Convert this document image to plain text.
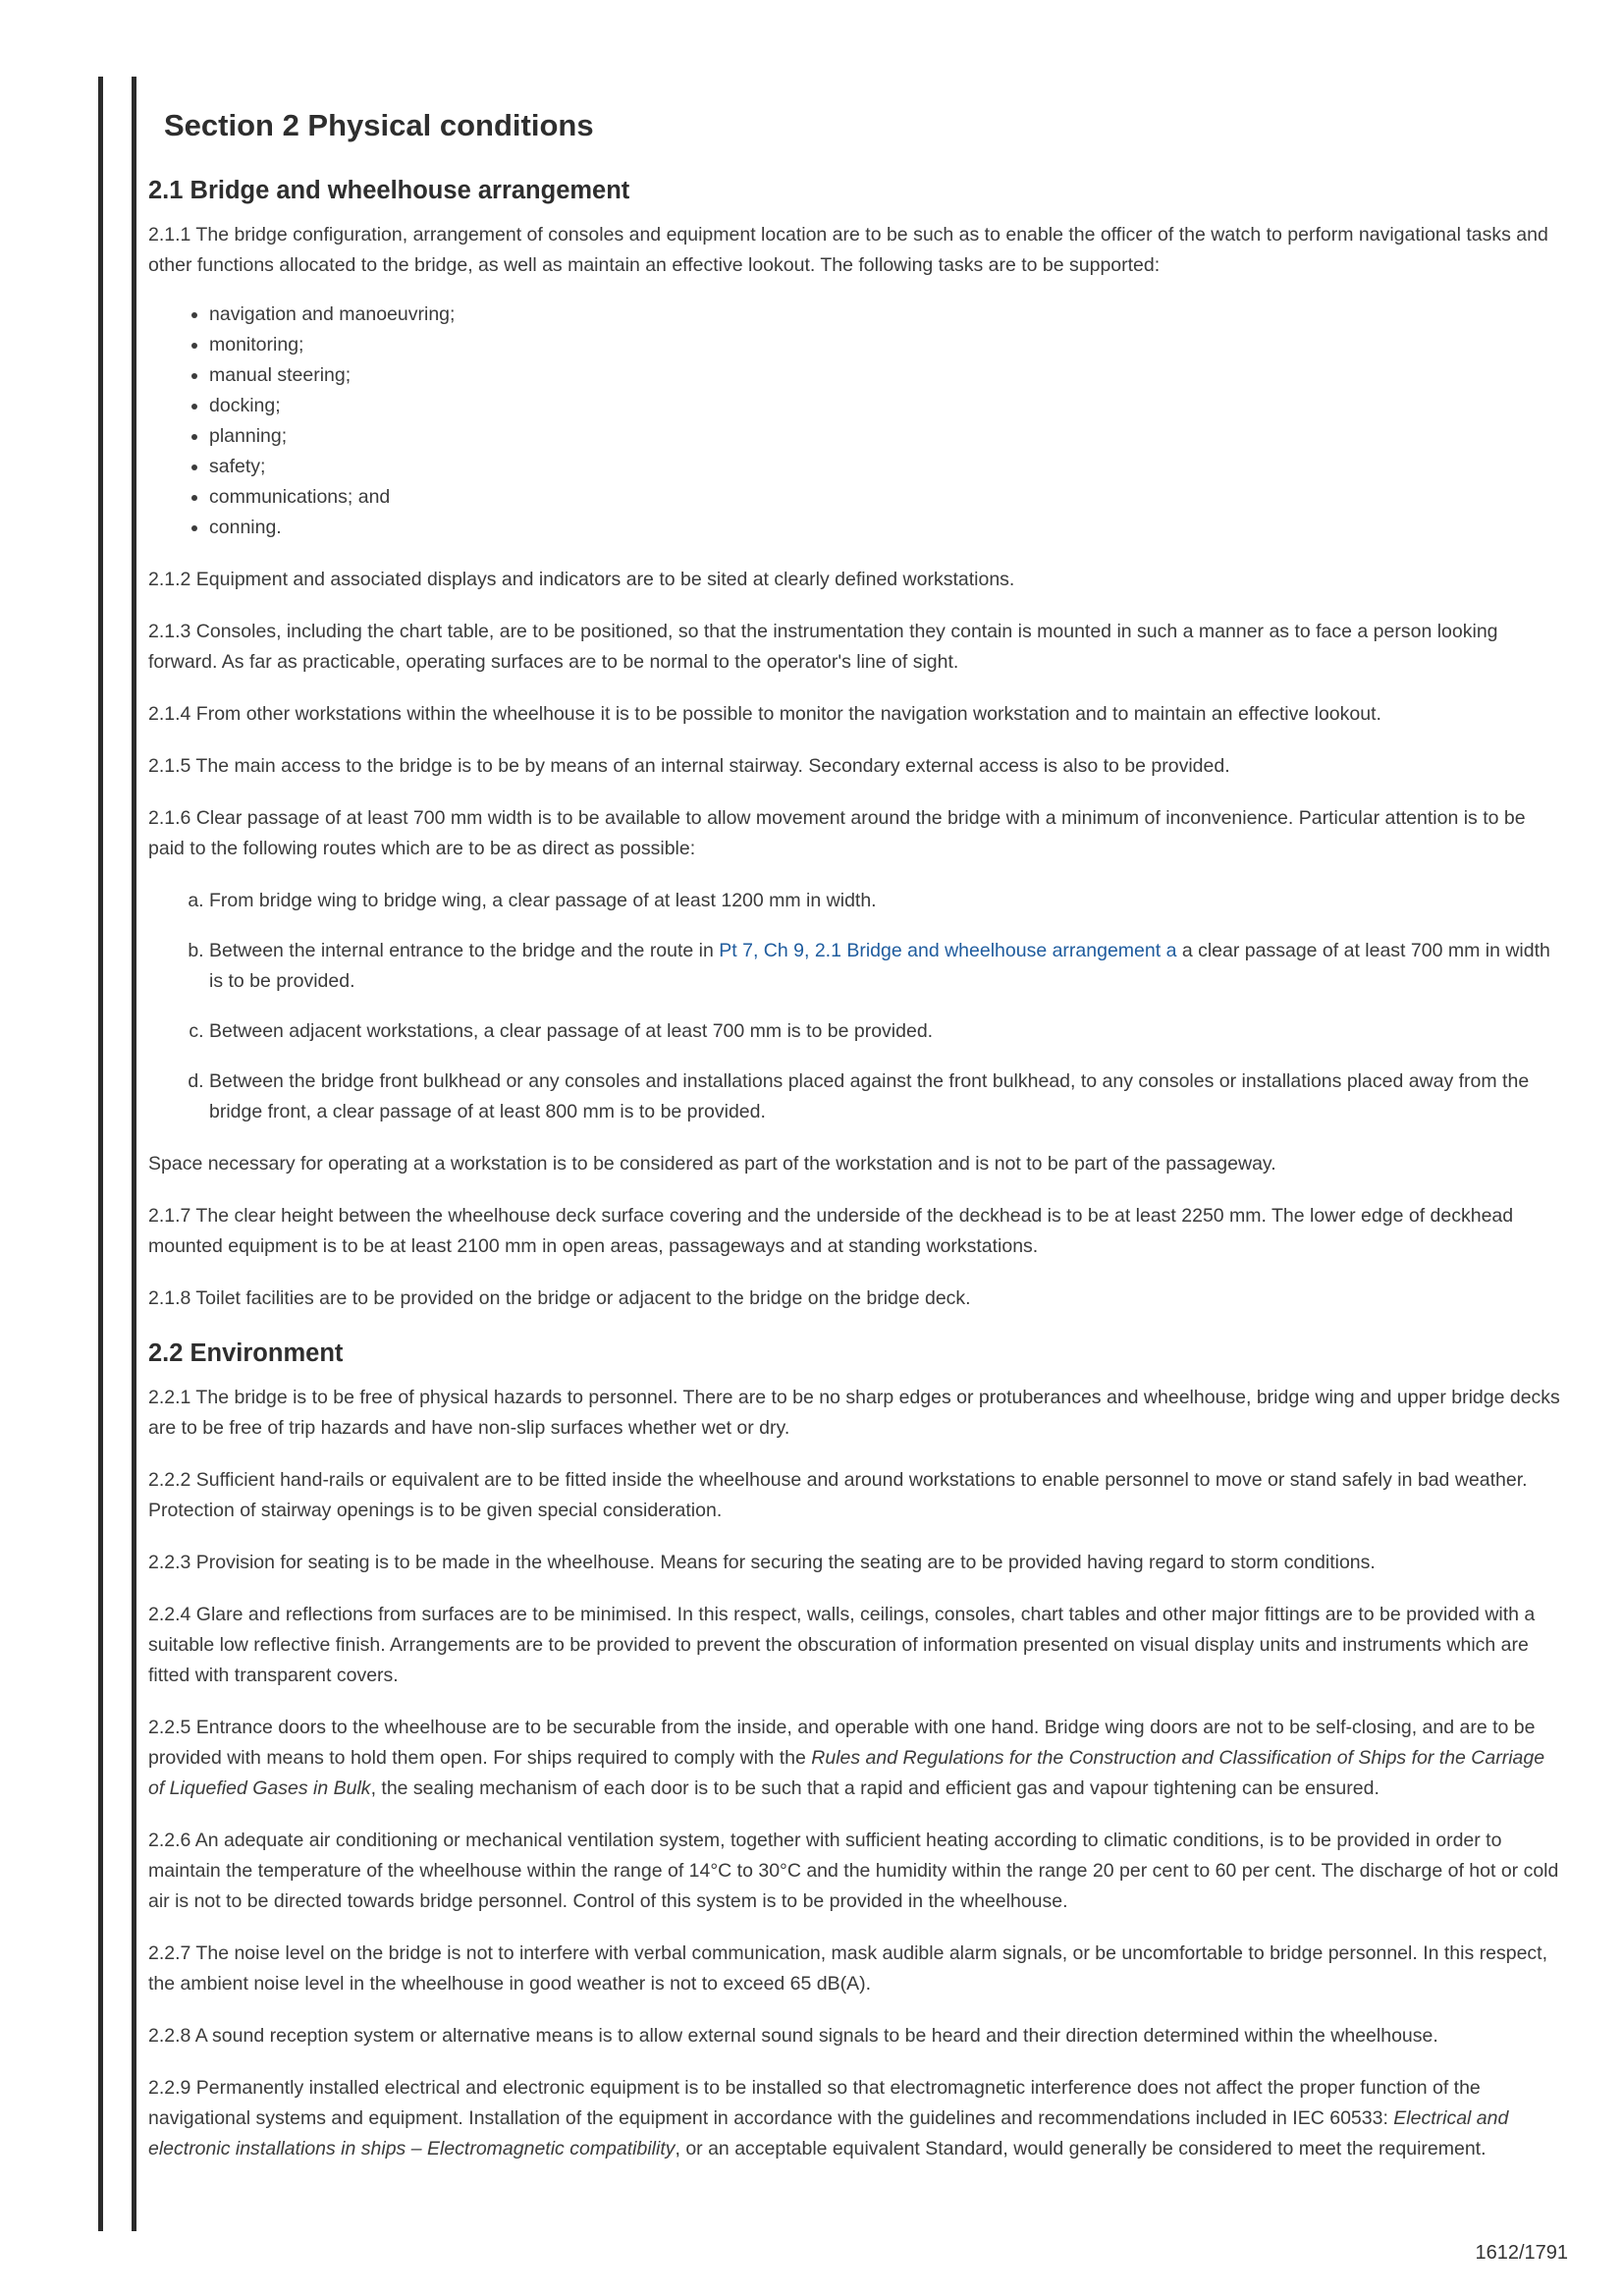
Section 2 Physical conditions
2.1 Bridge and wheelhouse arrangement

2.1.1 The bridge configuration, arrangement of consoles and equipment location are to be such as to enable the officer of the watch to perform navigational tasks and other functions allocated to the bridge, as well as maintain an effective lookout. The following tasks are to be supported:

• navigation and manoeuvring;
• monitoring;
• manual steering;
• docking;
• planning;
• safety;
• communications; and
• conning.

2.1.2 Equipment and associated displays and indicators are to be sited at clearly defined workstations.

2.1.3 Consoles, including the chart table, are to be positioned, so that the instrumentation they contain is mounted in such a manner as to face a person looking forward. As far as practicable, operating surfaces are to be normal to the operator's line of sight.

2.1.4 From other workstations within the wheelhouse it is to be possible to monitor the navigation workstation and to maintain an effective lookout.

2.1.5 The main access to the bridge is to be by means of an internal stairway. Secondary external access is also to be provided.

2.1.6 Clear passage of at least 700 mm width is to be available to allow movement around the bridge with a minimum of inconvenience. Particular attention is to be paid to the following routes which are to be as direct as possible:

a. From bridge wing to bridge wing, a clear passage of at least 1200 mm in width.
b. Between the internal entrance to the bridge and the route in Pt 7, Ch 9, 2.1 Bridge and wheelhouse arrangement a a clear passage of at least 700 mm in width is to be provided.
c. Between adjacent workstations, a clear passage of at least 700 mm is to be provided.
d. Between the bridge front bulkhead or any consoles and installations placed against the front bulkhead, to any consoles or installations placed away from the bridge front, a clear passage of at least 800 mm is to be provided.

Space necessary for operating at a workstation is to be considered as part of the workstation and is not to be part of the passageway.

2.1.7 The clear height between the wheelhouse deck surface covering and the underside of the deckhead is to be at least 2250 mm. The lower edge of deckhead mounted equipment is to be at least 2100 mm in open areas, passageways and at standing workstations.

2.1.8 Toilet facilities are to be provided on the bridge or adjacent to the bridge on the bridge deck.

2.2 Environment

2.2.1 The bridge is to be free of physical hazards to personnel. There are to be no sharp edges or protuberances and wheelhouse, bridge wing and upper bridge decks are to be free of trip hazards and have non-slip surfaces whether wet or dry.

2.2.2 Sufficient hand-rails or equivalent are to be fitted inside the wheelhouse and around workstations to enable personnel to move or stand safely in bad weather. Protection of stairway openings is to be given special consideration.

2.2.3 Provision for seating is to be made in the wheelhouse. Means for securing the seating are to be provided having regard to storm conditions.

2.2.4 Glare and reflections from surfaces are to be minimised. In this respect, walls, ceilings, consoles, chart tables and other major fittings are to be provided with a suitable low reflective finish. Arrangements are to be provided to prevent the obscuration of information presented on visual display units and instruments which are fitted with transparent covers.

2.2.5 Entrance doors to the wheelhouse are to be securable from the inside, and operable with one hand. Bridge wing doors are not to be self-closing, and are to be provided with means to hold them open. For ships required to comply with the Rules and Regulations for the Construction and Classification of Ships for the Carriage of Liquefied Gases in Bulk, the sealing mechanism of each door is to be such that a rapid and efficient gas and vapour tightening can be ensured.

2.2.6 An adequate air conditioning or mechanical ventilation system, together with sufficient heating according to climatic conditions, is to be provided in order to maintain the temperature of the wheelhouse within the range of 14°C to 30°C and the humidity within the range 20 per cent to 60 per cent. The discharge of hot or cold air is not to be directed towards bridge personnel. Control of this system is to be provided in the wheelhouse.

2.2.7 The noise level on the bridge is not to interfere with verbal communication, mask audible alarm signals, or be uncomfortable to bridge personnel. In this respect, the ambient noise level in the wheelhouse in good weather is not to exceed 65 dB(A).

2.2.8 A sound reception system or alternative means is to allow external sound signals to be heard and their direction determined within the wheelhouse.

2.2.9 Permanently installed electrical and electronic equipment is to be installed so that electromagnetic interference does not affect the proper function of the navigational systems and equipment. Installation of the equipment in accordance with the guidelines and recommendations included in IEC 60533: Electrical and electronic installations in ships – Electromagnetic compatibility, or an acceptable equivalent Standard, would generally be considered to meet the requirement.

1612/1791
